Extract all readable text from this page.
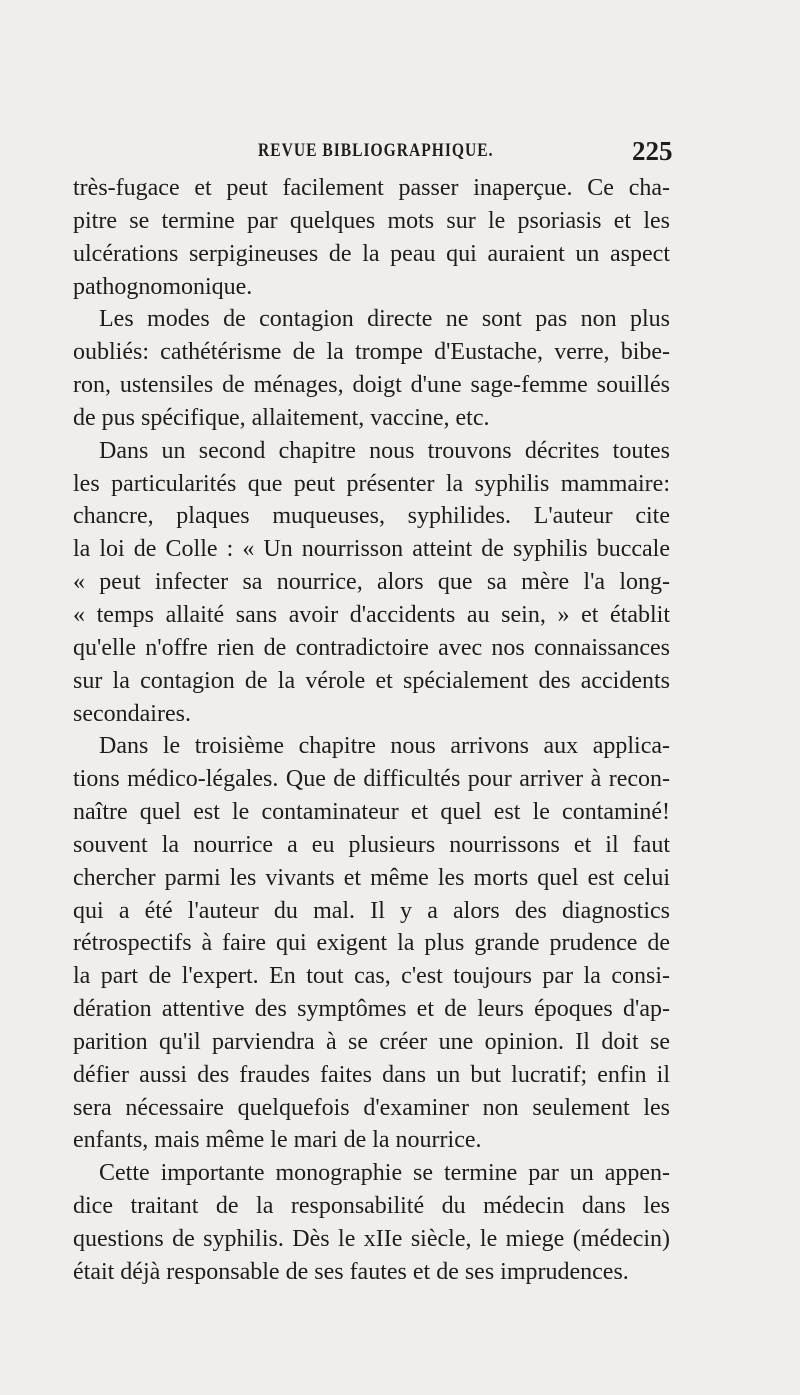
REVUE BIBLIOGRAPHIQUE.	225
très-fugace et peut facilement passer inaperçue. Ce cha-
pitre se termine par quelques mots sur le psoriasis et les
ulcérations serpigineuses de la peau qui auraient un aspect
pathognomonique.
Les modes de contagion directe ne sont pas non plus
oubliés: cathétérisme de la trompe d'Eustache, verre, bibe-
ron, ustensiles de ménages, doigt d'une sage-femme souillés
de pus spécifique, allaitement, vaccine, etc.
Dans un second chapitre nous trouvons décrites toutes
les particularités que peut présenter la syphilis mammaire:
chancre, plaques muqueuses, syphilides. L'auteur cite
la loi de Colle : « Un nourrisson atteint de syphilis buccale
« peut infecter sa nourrice, alors que sa mère l'a long-
« temps allaité sans avoir d'accidents au sein, » et établit
qu'elle n'offre rien de contradictoire avec nos connaissances
sur la contagion de la vérole et spécialement des accidents
secondaires.
Dans le troisième chapitre nous arrivons aux applica-
tions médico-légales. Que de difficultés pour arriver à recon-
naître quel est le contaminateur et quel est le contaminé!
souvent la nourrice a eu plusieurs nourrissons et il faut
chercher parmi les vivants et même les morts quel est celui
qui a été l'auteur du mal. Il y a alors des diagnostics
rétrospectifs à faire qui exigent la plus grande prudence de
la part de l'expert. En tout cas, c'est toujours par la consi-
dération attentive des symptômes et de leurs époques d'ap-
parition qu'il parviendra à se créer une opinion. Il doit se
défier aussi des fraudes faites dans un but lucratif; enfin il
sera nécessaire quelquefois d'examiner non seulement les
enfants, mais même le mari de la nourrice.
Cette importante monographie se termine par un appen-
dice traitant de la responsabilité du médecin dans les
questions de syphilis. Dès le xIIe siècle, le miege (médecin)
était déjà responsable de ses fautes et de ses imprudences.
